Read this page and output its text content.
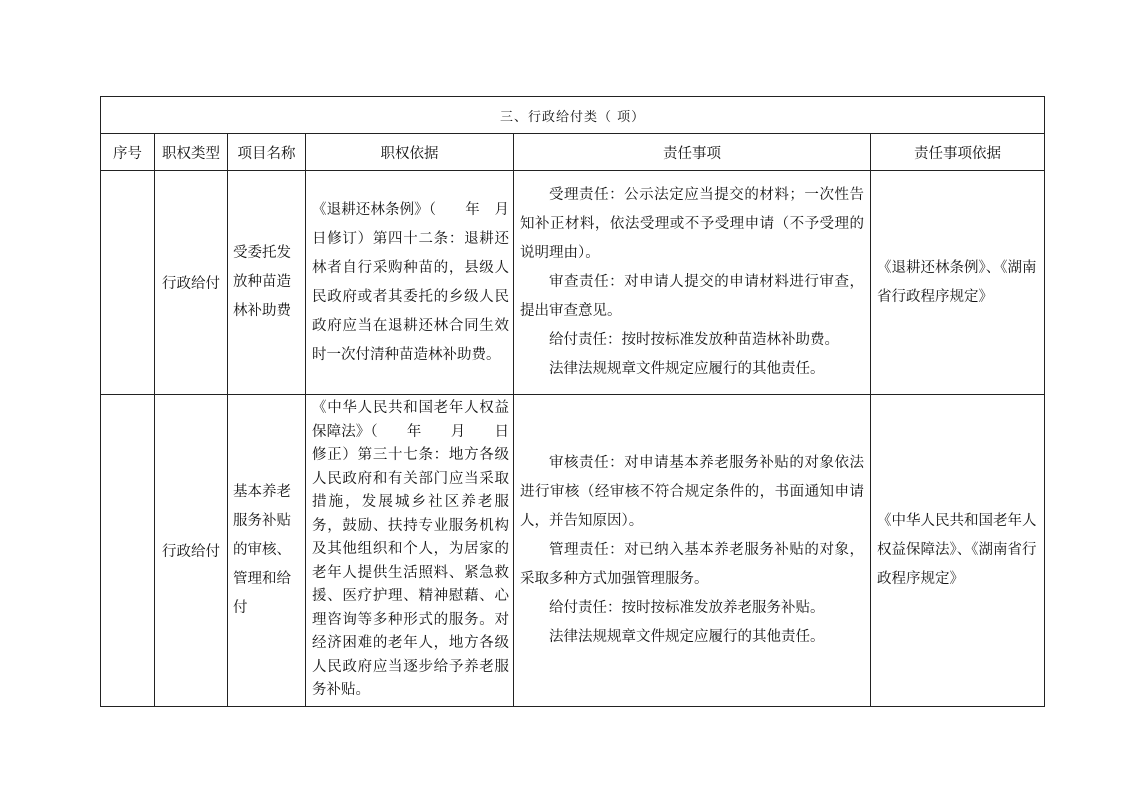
三、行政给付类（ 项）					
序号	职权类型	项目名称	职权依据	责任事项	责任事项依据
	行政给付	受委托发放种苗造林补助费	《退耕还林条例》（　　年　月　日修订）第四十二条：退耕还林者自行采购种苗的，县级人民政府或者其委托的乡级人民政府应当在退耕还林合同生效时一次付清种苗造林补助费。	受理责任：公示法定应当提交的材料；一次性告知补正材料，依法受理或不予受理申请（不予受理的说明理由）。

审查责任：对申请人提交的申请材料进行审查，提出审查意见。

给付责任：按时按标准发放种苗造林补助费。

法律法规规章文件规定应履行的其他责任。	《退耕还林条例》、《湖南省行政程序规定》
	行政给付	基本养老服务补贴的审核、管理和给付	《中华人民共和国老年人权益保障法》（　　年　　月　　日修正）第三十七条：地方各级人民政府和有关部门应当采取措施，发展城乡社区养老服务，鼓励、扶持专业服务机构及其他组织和个人，为居家的老年人提供生活照料、紧急救援、医疗护理、精神慰藉、心理咨询等多种形式的服务。对经济困难的老年人，地方各级人民政府应当逐步给予养老服务补贴。	审核责任：对申请基本养老服务补贴的对象依法进行审核（经审核不符合规定条件的，书面通知申请人，并告知原因）。

管理责任：对已纳入基本养老服务补贴的对象，采取多种方式加强管理服务。

给付责任：按时按标准发放养老服务补贴。

法律法规规章文件规定应履行的其他责任。	《中华人民共和国老年人权益保障法》、《湖南省行政程序规定》
